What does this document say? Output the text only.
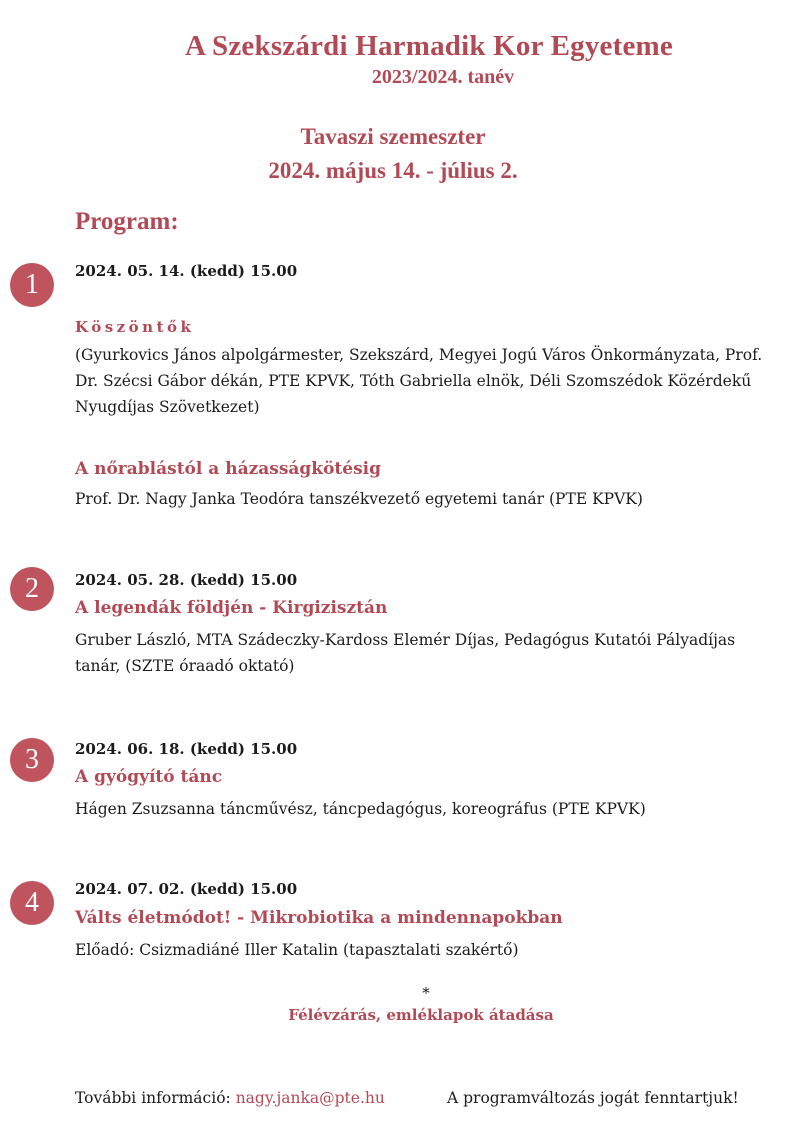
A Szekszárdi Harmadik Kor Egyeteme
2023/2024. tanév
Tavaszi szemeszter
2024. május 14. - július 2.
Program:
1	2024. 05. 14. (kedd) 15.00
Köszöntők
(Gyurkovics János alpolgármester, Szekszárd, Megyei Jogú Város Önkormányzata, Prof. Dr. Szécsi Gábor dékán, PTE KPVK, Tóth Gabriella elnök, Déli Szomszédok Közérdekű Nyugdíjas Szövetkezet)
A nőrablástól a házasságkötésig
Prof. Dr. Nagy Janka Teodóra tanszékvezető egyetemi tanár (PTE KPVK)
2	2024. 05. 28. (kedd) 15.00
A legendák földjén - Kirgizisztán
Gruber László, MTA Szádeczky-Kardoss Elemér Díjas, Pedagógus Kutatói Pályadíjas tanár, (SZTE óraadó oktató)
3	2024. 06. 18. (kedd) 15.00
A gyógyító tánc
Hágen Zsuzsanna táncművész, táncpedagógus, koreográfus (PTE KPVK)
4	2024. 07. 02. (kedd) 15.00
Válts életmódot! - Mikrobiotika a mindennapokban
Előadó: Csizmadiáné Iller Katalin (tapasztalati szakértő)
*
Félévzárás, emléklapok átadása
További információ: nagy.janka@pte.hu	A programváltozás jogát fenntartjuk!
